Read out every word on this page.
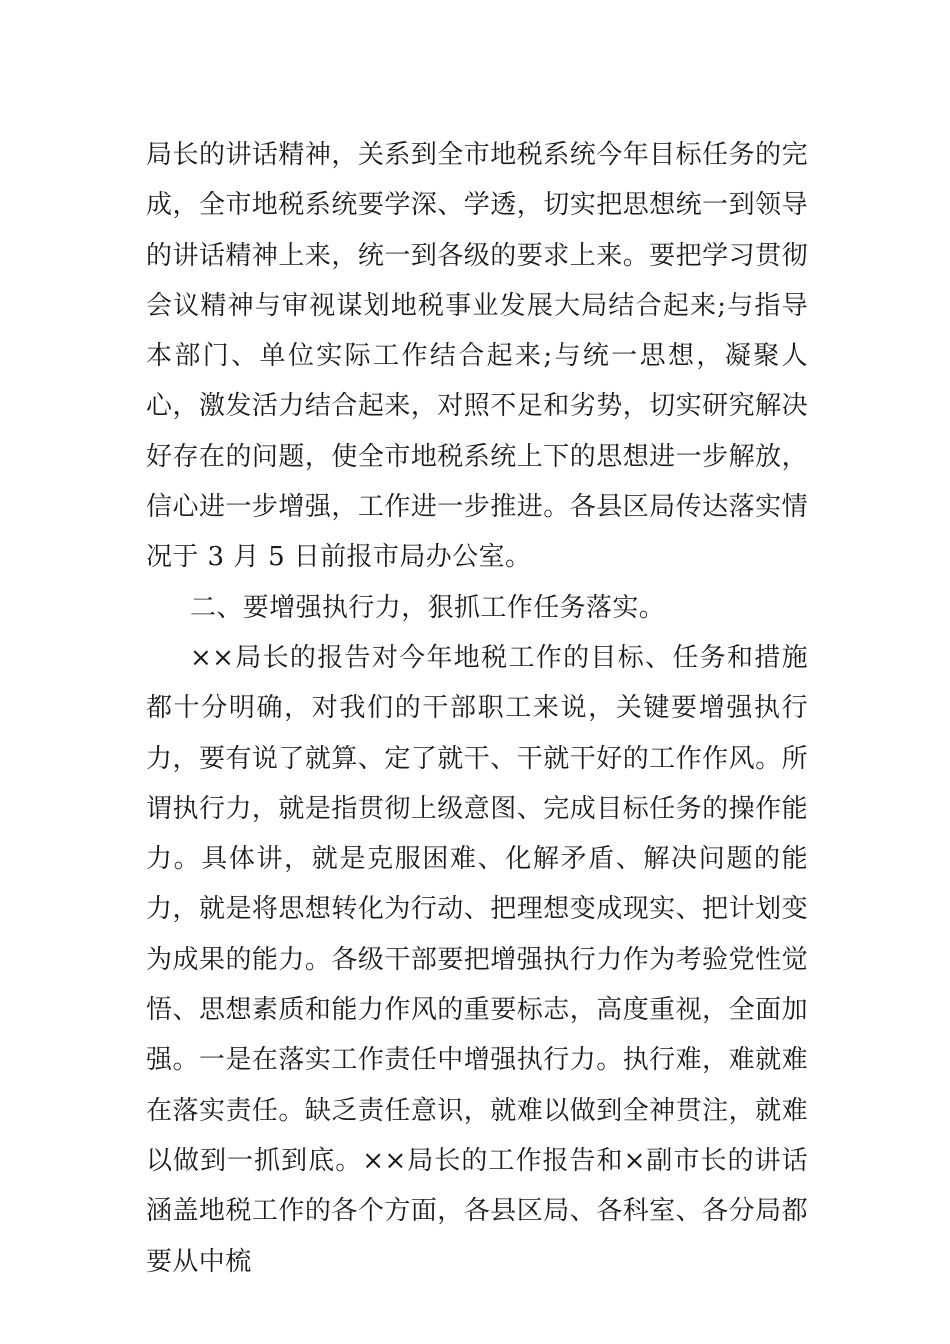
局长的讲话精神，关系到全市地税系统今年目标任务的完成，全市地税系统要学深、学透，切实把思想统一到领导的讲话精神上来，统一到各级的要求上来。要把学习贯彻会议精神与审视谋划地税事业发展大局结合起来;与指导本部门、单位实际工作结合起来;与统一思想，凝聚人心，激发活力结合起来，对照不足和劣势，切实研究解决好存在的问题，使全市地税系统上下的思想进一步解放，信心进一步增强，工作进一步推进。各县区局传达落实情况于 3 月 5 日前报市局办公室。

二、要增强执行力，狠抓工作任务落实。

××局长的报告对今年地税工作的目标、任务和措施都十分明确，对我们的干部职工来说，关键要增强执行力，要有说了就算、定了就干、干就干好的工作作风。所谓执行力，就是指贯彻上级意图、完成目标任务的操作能力。具体讲，就是克服困难、化解矛盾、解决问题的能力，就是将思想转化为行动、把理想变成现实、把计划变为成果的能力。各级干部要把增强执行力作为考验党性觉悟、思想素质和能力作风的重要标志，高度重视，全面加强。一是在落实工作责任中增强执行力。执行难，难就难在落实责任。缺乏责任意识，就难以做到全神贯注，就难以做到一抓到底。××局长的工作报告和×副市长的讲话涵盖地税工作的各个方面，各县区局、各科室、各分局都要从中梳
